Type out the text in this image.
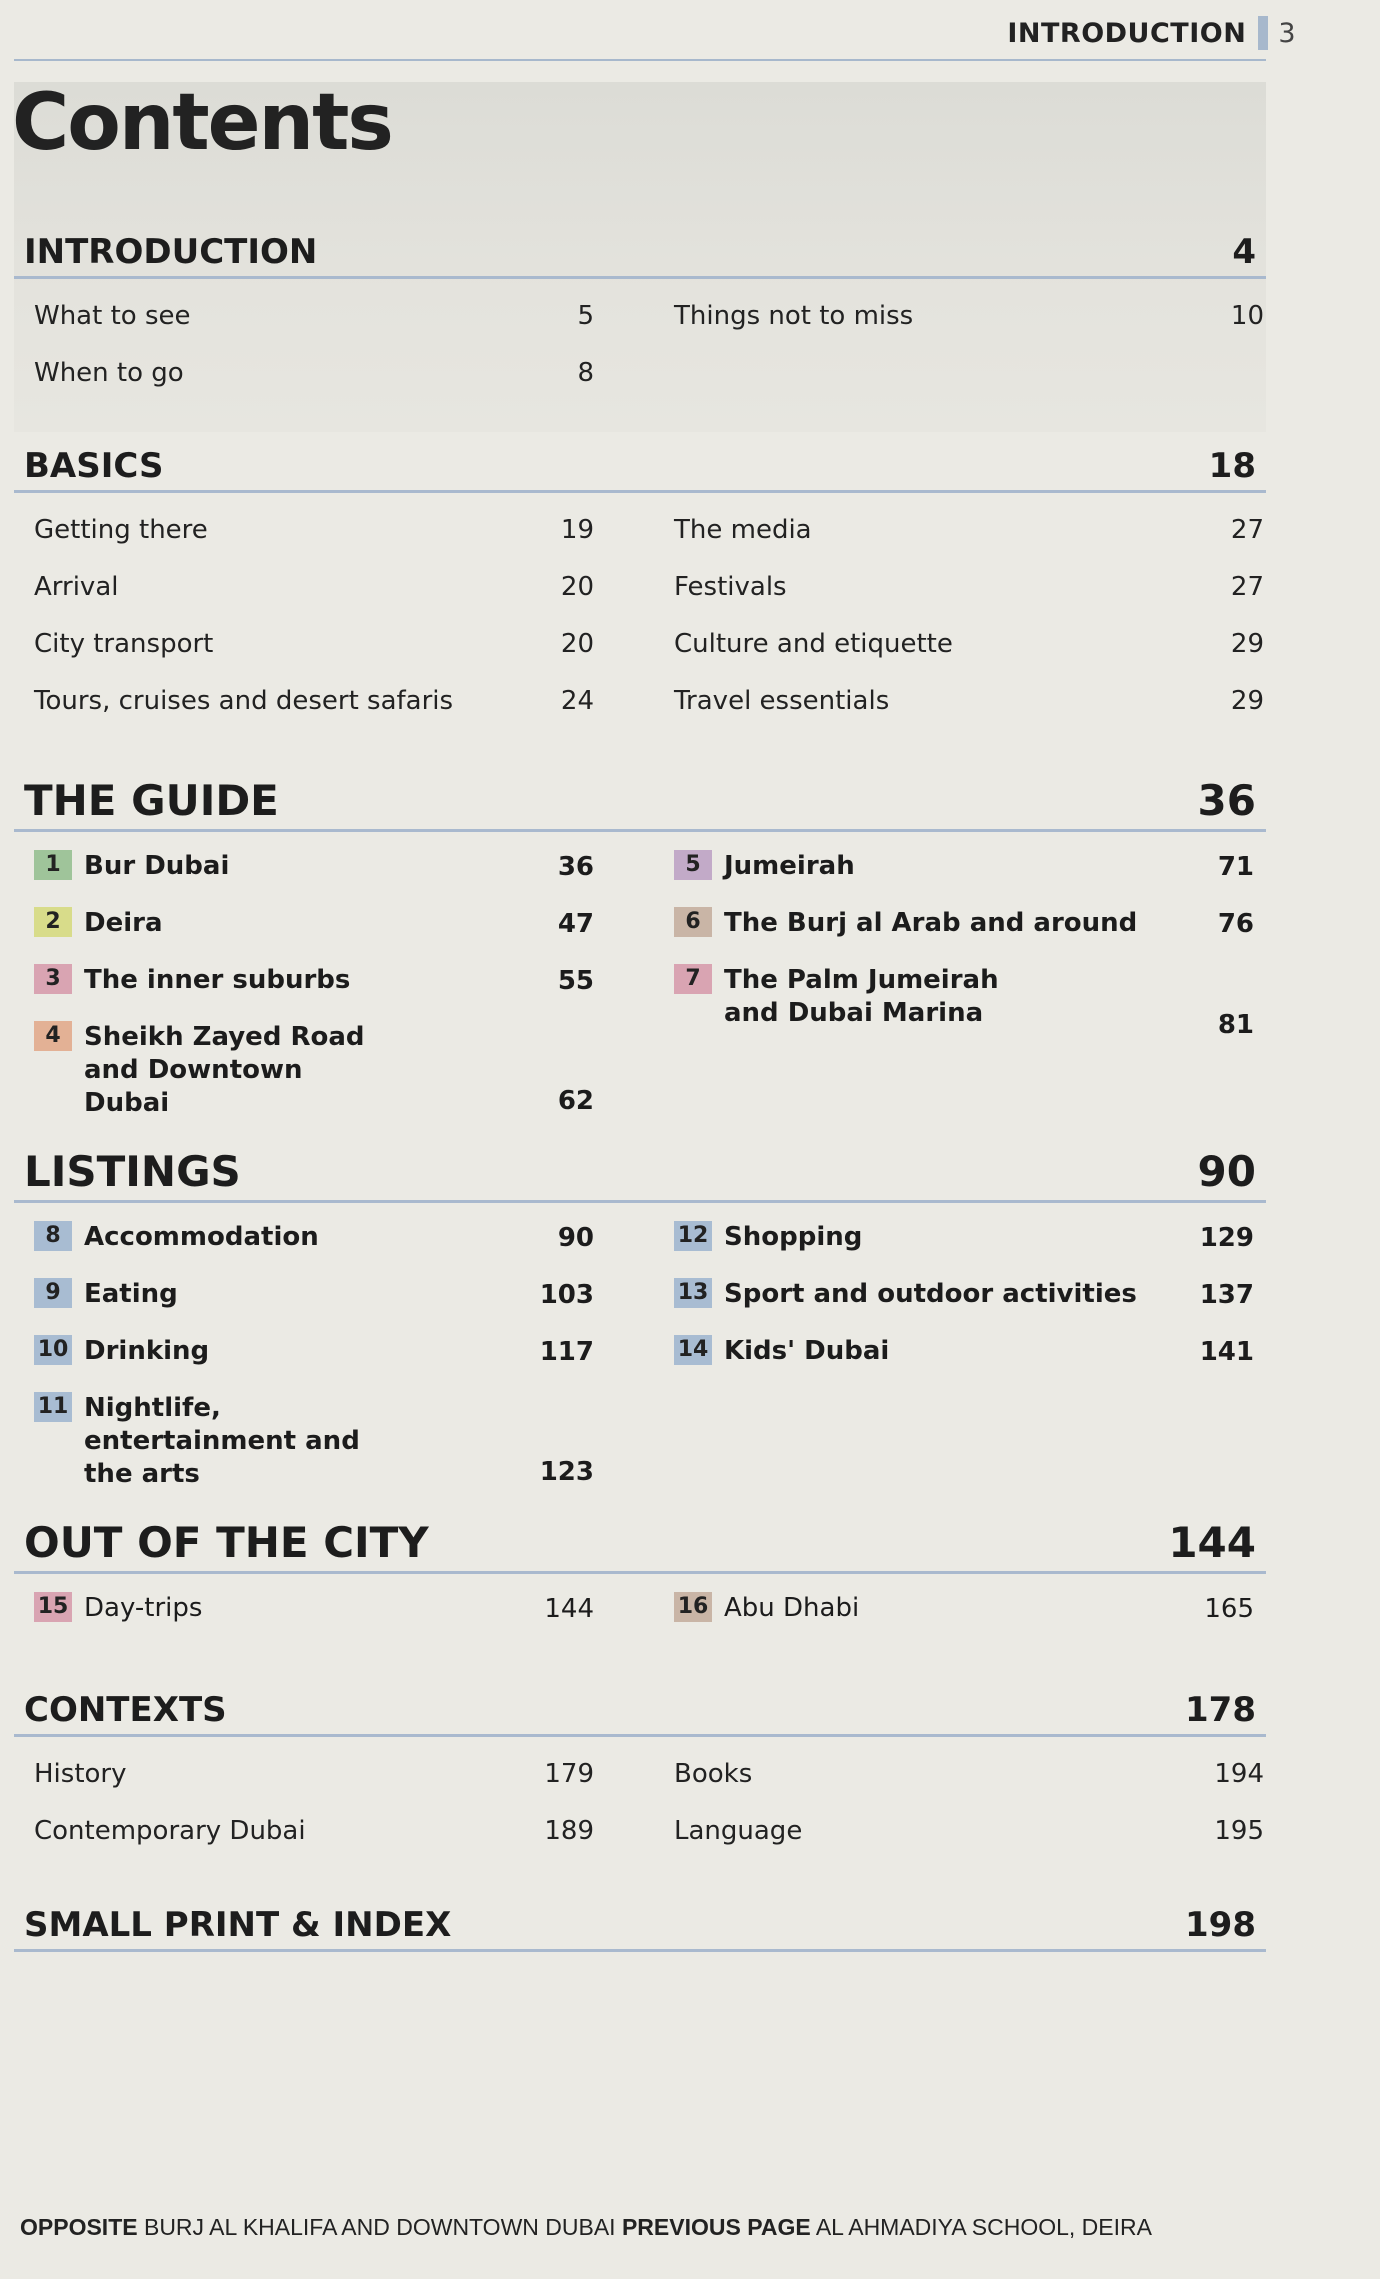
INTRODUCTION 3
Contents
INTRODUCTION	4
What to see	5
When to go	8
Things not to miss	10
BASICS	18
Getting there	19
Arrival	20
City transport	20
Tours, cruises and desert safaris	24
The media	27
Festivals	27
Culture and etiquette	29
Travel essentials	29
THE GUIDE	36
1 Bur Dubai	36
2 Deira	47
3 The inner suburbs	55
4 Sheikh Zayed Road and Downtown Dubai	62
5 Jumeirah	71
6 The Burj al Arab and around	76
7 The Palm Jumeirah and Dubai Marina	81
LISTINGS	90
8 Accommodation	90
9 Eating	103
10 Drinking	117
11 Nightlife, entertainment and the arts	123
12 Shopping	129
13 Sport and outdoor activities	137
14 Kids' Dubai	141
OUT OF THE CITY	144
15 Day-trips	144	16 Abu Dhabi	165
CONTEXTS	178
History	179
Contemporary Dubai	189
Books	194
Language	195
SMALL PRINT & INDEX	198
OPPOSITE BURJ AL KHALIFA AND DOWNTOWN DUBAI PREVIOUS PAGE AL AHMADIYA SCHOOL, DEIRA
